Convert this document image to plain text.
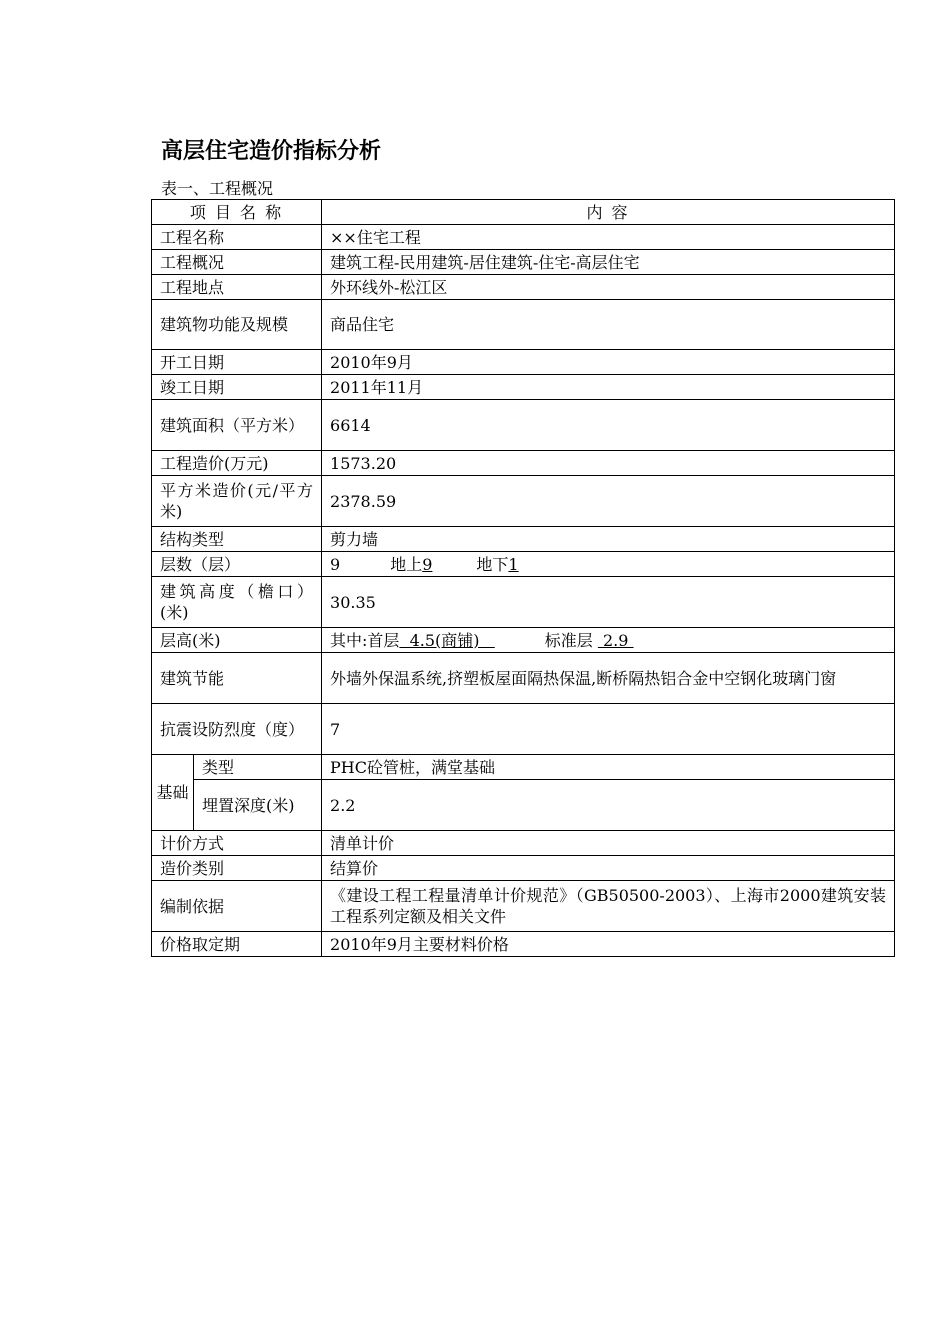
高层住宅造价指标分析
表一、工程概况
项 目 名 称		内 容
工程名称		××住宅工程
工程概况		建筑工程-民用建筑-居住建筑-住宅-高层住宅
工程地点		外环线外-松江区
建筑物功能及规模		商品住宅
开工日期		2010年9月
竣工日期		2011年11月
建筑面积（平方米）		6614
工程造价(万元)		1573.20
平方米造价(元/平方米)		2378.59
结构类型		剪力墙
层数（层）		9 地上9 地下1
建筑高度（檐口）(米)		30.35
层高(米)		其中:首层  4.5(商铺) 标准层  2.9
建筑节能		外墙外保温系统,挤塑板屋面隔热保温,断桥隔热铝合金中空钢化玻璃门窗
抗震设防烈度（度）		7
基础	类型	PHC砼管桩，满堂基础
	埋置深度(米)	2.2
计价方式		清单计价
造价类别		结算价
编制依据		《建设工程工程量清单计价规范》（GB50500-2003）、上海市2000建筑安装工程系列定额及相关文件
价格取定期		2010年9月主要材料价格
